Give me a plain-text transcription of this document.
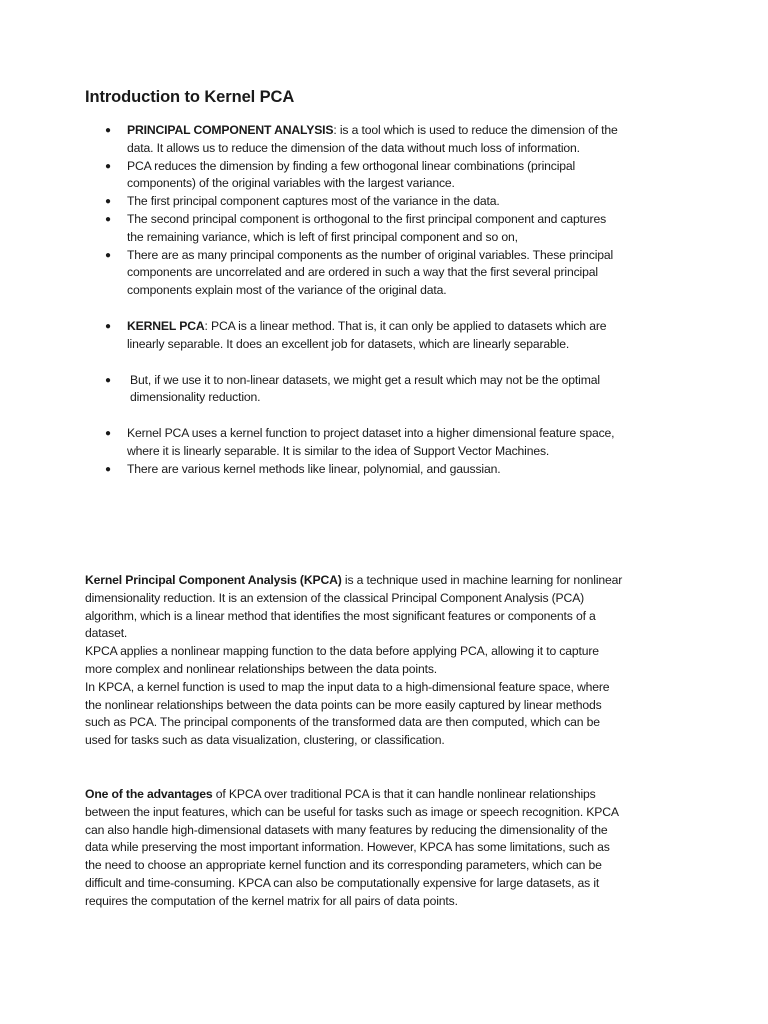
Introduction to Kernel PCA
● PRINCIPAL COMPONENT ANALYSIS: is a tool which is used to reduce the dimension of the data. It allows us to reduce the dimension of the data without much loss of information.
● PCA reduces the dimension by finding a few orthogonal linear combinations (principal components) of the original variables with the largest variance.
● The first principal component captures most of the variance in the data.
● The second principal component is orthogonal to the first principal component and captures the remaining variance, which is left of first principal component and so on,
● There are as many principal components as the number of original variables. These principal components are uncorrelated and are ordered in such a way that the first several principal components explain most of the variance of the original data.
● KERNEL PCA: PCA is a linear method. That is, it can only be applied to datasets which are linearly separable. It does an excellent job for datasets, which are linearly separable.
● But, if we use it to non-linear datasets, we might get a result which may not be the optimal dimensionality reduction.
● Kernel PCA uses a kernel function to project dataset into a higher dimensional feature space, where it is linearly separable. It is similar to the idea of Support Vector Machines.
● There are various kernel methods like linear, polynomial, and gaussian.
Kernel Principal Component Analysis (KPCA) is a technique used in machine learning for nonlinear dimensionality reduction. It is an extension of the classical Principal Component Analysis (PCA) algorithm, which is a linear method that identifies the most significant features or components of a dataset.
KPCA applies a nonlinear mapping function to the data before applying PCA, allowing it to capture more complex and nonlinear relationships between the data points.
In KPCA, a kernel function is used to map the input data to a high-dimensional feature space, where the nonlinear relationships between the data points can be more easily captured by linear methods such as PCA. The principal components of the transformed data are then computed, which can be used for tasks such as data visualization, clustering, or classification.
One of the advantages of KPCA over traditional PCA is that it can handle nonlinear relationships between the input features, which can be useful for tasks such as image or speech recognition. KPCA can also handle high-dimensional datasets with many features by reducing the dimensionality of the data while preserving the most important information. However, KPCA has some limitations, such as the need to choose an appropriate kernel function and its corresponding parameters, which can be difficult and time-consuming. KPCA can also be computationally expensive for large datasets, as it requires the computation of the kernel matrix for all pairs of data points.
